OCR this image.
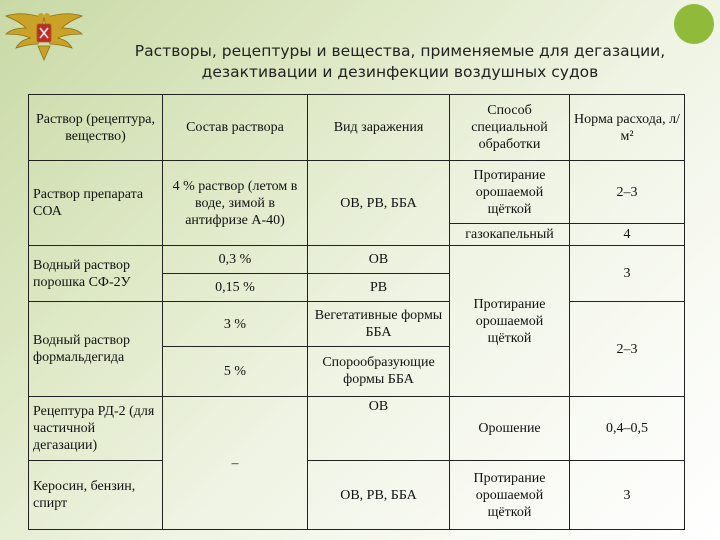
Растворы, рецептуры и вещества, применяемые для дегазации,
дезактивации и дезинфекции воздушных судов
Раствор (рецептура, вещество)	Состав раствора	Вид заражения	Способ специальной обработки	Норма расхода, л/м²
Раствор препарата СОА	4 % раствор (летом в воде, зимой в антифризе А-40)	ОВ, РВ, ББА	Протирание орошаемой щёткой	2–3
			газокапельный	4
Водный раствор порошка СФ-2У	0,3 %	ОВ	Протирание орошаемой щёткой	3
	0,15 %	РВ		
Водный раствор формальдегида	3 %	Вегетативные формы ББА		2–3
	5 %	Спорообразующие формы ББА		
Рецептура РД-2 (для частичной дегазации)	–	ОВ	Орошение	0,4–0,5
Керосин, бензин, спирт		ОВ, РВ, ББА	Протирание орошаемой щёткой	3
